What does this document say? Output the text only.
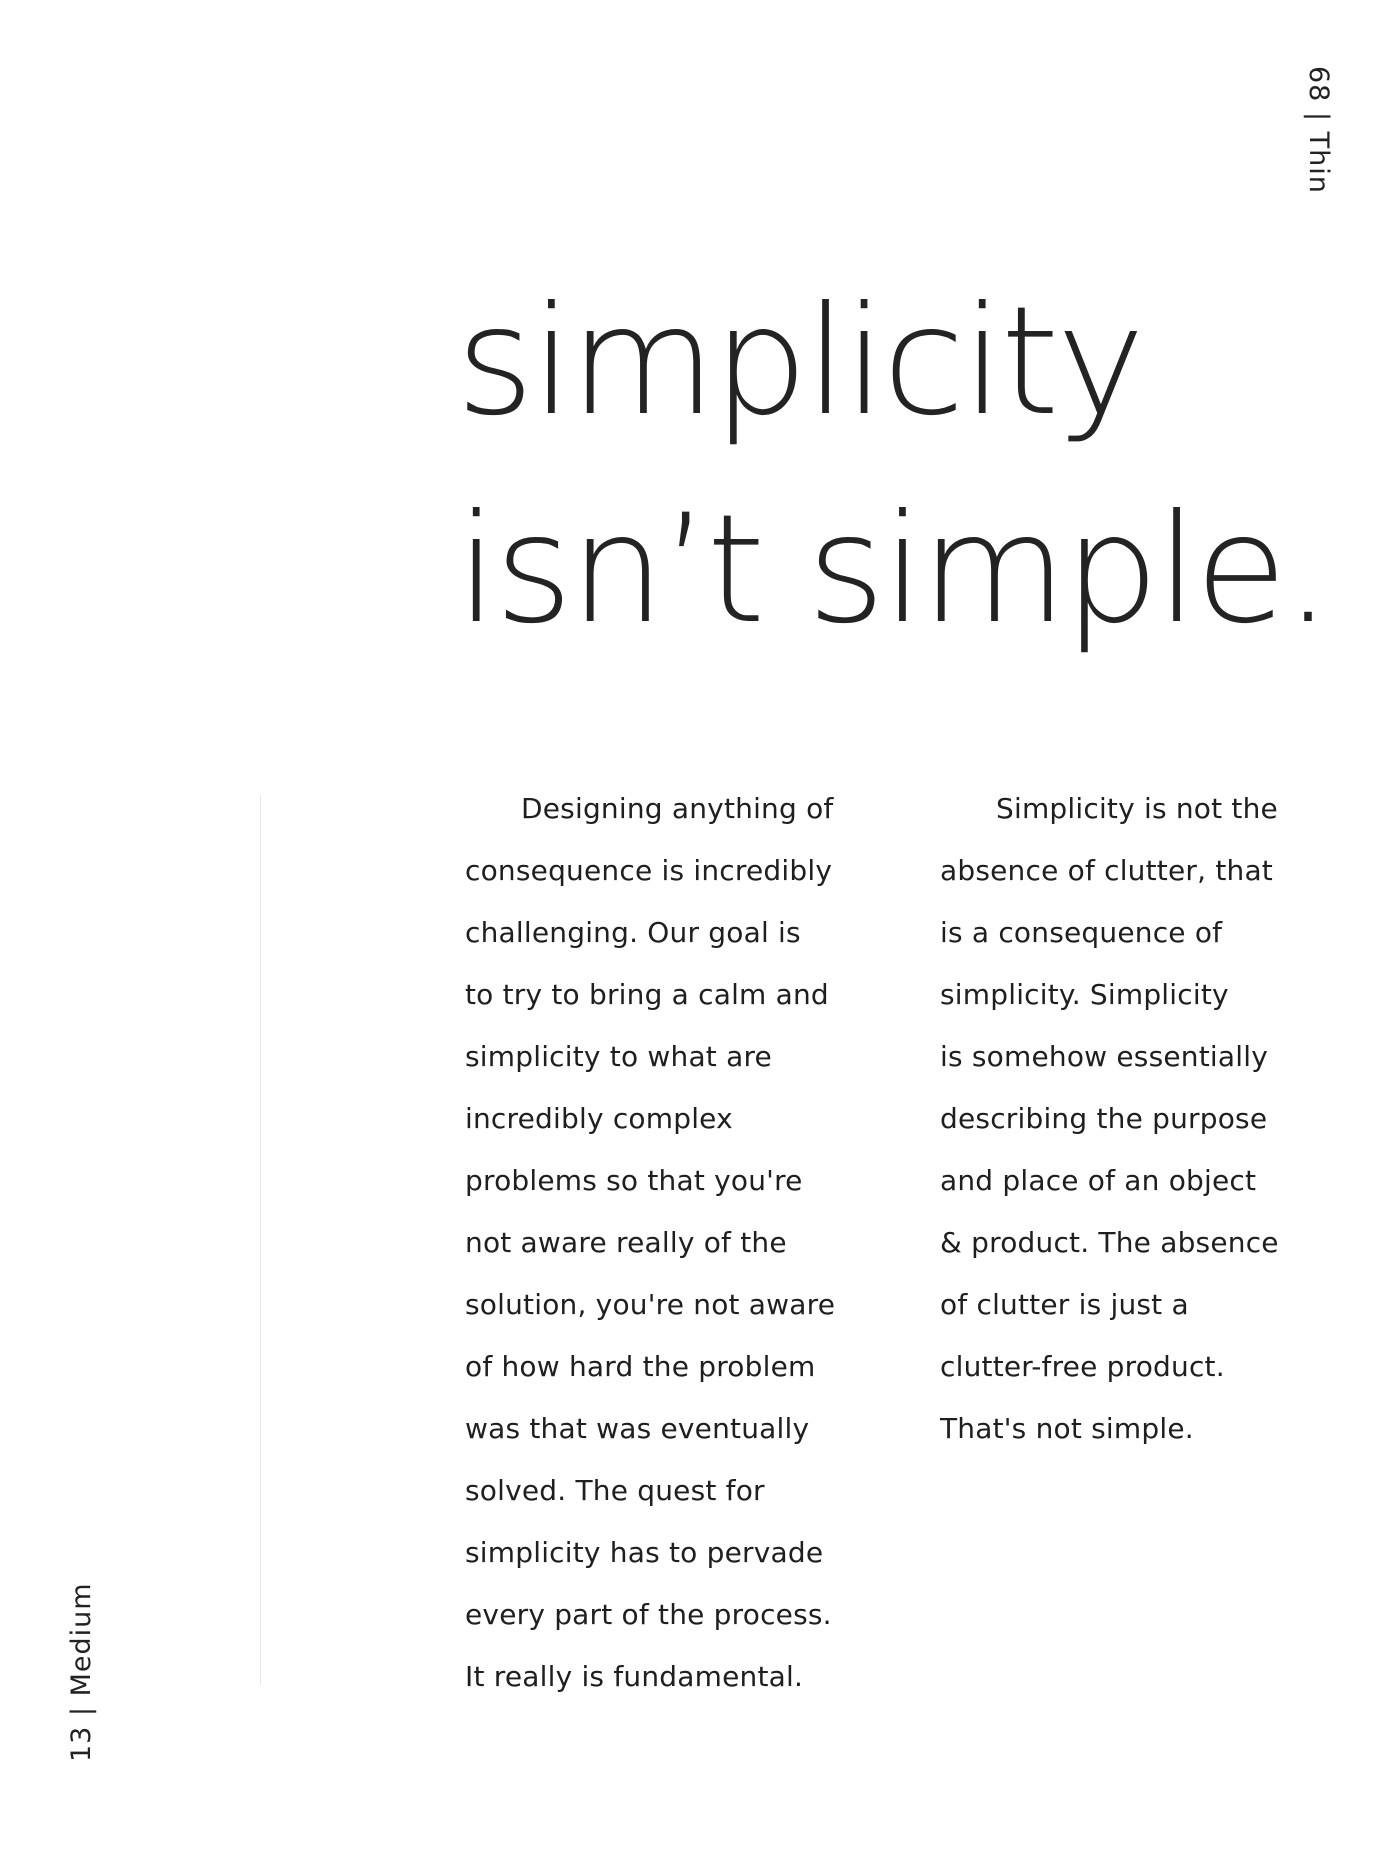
68 | Thin
simplicity
isn’t simple.
13 | Medium

Designing anything of
consequence is incredibly
challenging. Our goal is
to try to bring a calm and
simplicity to what are
incredibly complex
problems so that you're
not aware really of the
solution, you're not aware
of how hard the problem
was that was eventually
solved. The quest for
simplicity has to pervade
every part of the process.
It really is fundamental.

Simplicity is not the
absence of clutter, that
is a consequence of
simplicity. Simplicity
is somehow essentially
describing the purpose
and place of an object
& product. The absence
of clutter is just a
clutter-free product.
That's not simple.
